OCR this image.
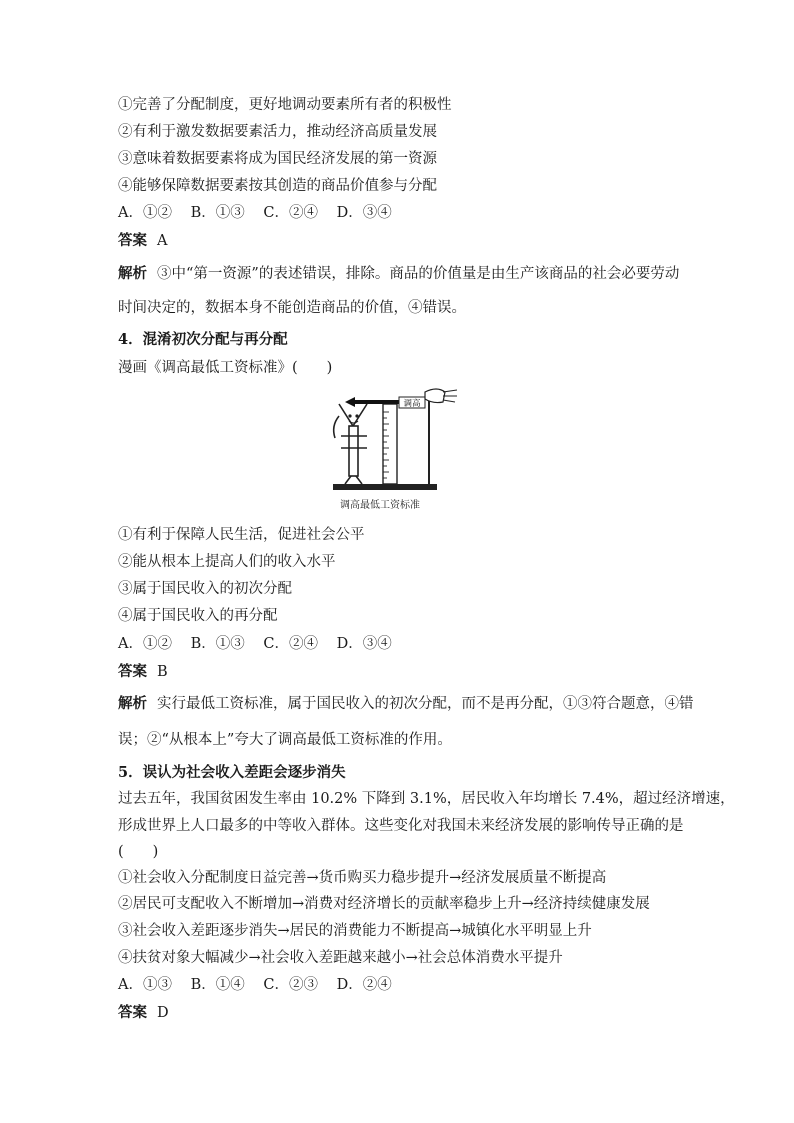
①完善了分配制度，更好地调动要素所有者的积极性
②有利于激发数据要素活力，推动经济高质量发展
③意味着数据要素将成为国民经济发展的第一资源
④能够保障数据要素按其创造的商品价值参与分配
A．①② B．①③ C．②④ D．③④
答案 A
解析 ③中“第一资源”的表述错误，排除。商品的价值量是由生产该商品的社会必要劳动
时间决定的，数据本身不能创造商品的价值，④错误。
4．混淆初次分配与再分配
漫画《调高最低工资标准》(　　)
调高
调高最低工资标准
①有利于保障人民生活，促进社会公平
②能从根本上提高人们的收入水平
③属于国民收入的初次分配
④属于国民收入的再分配
A．①② B．①③ C．②④ D．③④
答案 B
解析 实行最低工资标准，属于国民收入的初次分配，而不是再分配，①③符合题意，④错
误；②“从根本上”夸大了调高最低工资标准的作用。
5．误认为社会收入差距会逐步消失
过去五年，我国贫困发生率由 10.2% 下降到 3.1%，居民收入年均增长 7.4%，超过经济增速，
形成世界上人口最多的中等收入群体。这些变化对我国未来经济发展的影响传导正确的是
(　　)
①社会收入分配制度日益完善→货币购买力稳步提升→经济发展质量不断提高
②居民可支配收入不断增加→消费对经济增长的贡献率稳步上升→经济持续健康发展
③社会收入差距逐步消失→居民的消费能力不断提高→城镇化水平明显上升
④扶贫对象大幅减少→社会收入差距越来越小→社会总体消费水平提升
A．①③ B．①④ C．②③ D．②④
答案 D
